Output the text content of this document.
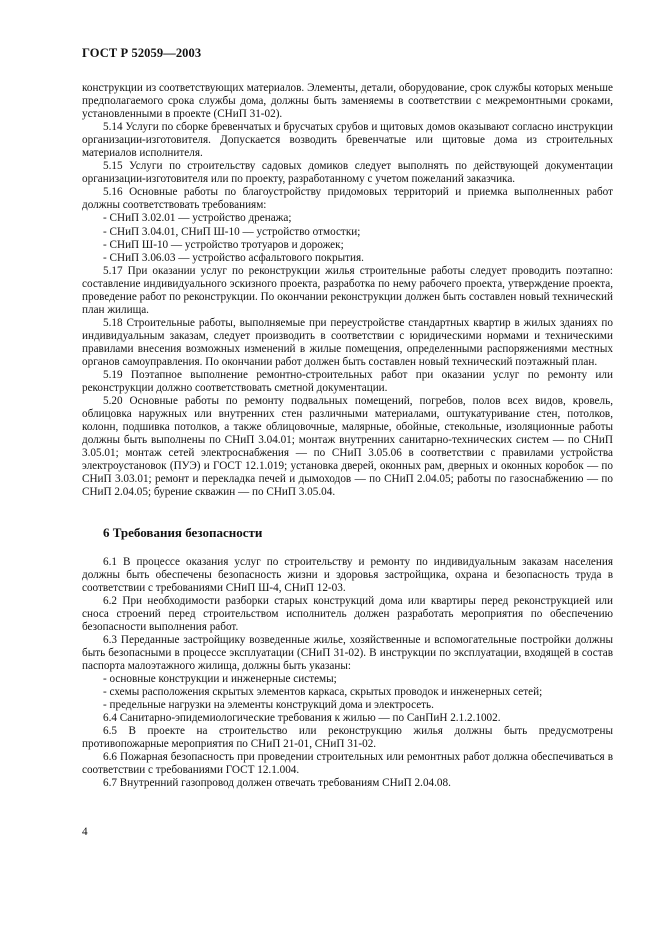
ГОСТ Р 52059—2003

конструкции из соответствующих материалов. Элементы, детали, оборудование, срок службы которых меньше предполагаемого срока службы дома, должны быть заменяемы в соответствии с межремонтными сроками, установленными в проекте (СНиП 31-02).

5.14 Услуги по сборке бревенчатых и брусчатых срубов и щитовых домов оказывают согласно инструкции организации-изготовителя. Допускается возводить бревенчатые или щитовые дома из строительных материалов исполнителя.

5.15 Услуги по строительству садовых домиков следует выполнять по действующей документации организации-изготовителя или по проекту, разработанному с учетом пожеланий заказчика.

5.16 Основные работы по благоустройству придомовых территорий и приемка выполненных работ должны соответствовать требованиям:

- СНиП 3.02.01 — устройство дренажа;

- СНиП 3.04.01, СНиП Ш-10 — устройство отмостки;

- СНиП Ш-10 — устройство тротуаров и дорожек;

- СНиП 3.06.03 — устройство асфальтового покрытия.

5.17 При оказании услуг по реконструкции жилья строительные работы следует проводить поэтапно: составление индивидуального эскизного проекта, разработка по нему рабочего проекта, утверждение проекта, проведение работ по реконструкции. По окончании реконструкции должен быть составлен новый технический план жилища.

5.18 Строительные работы, выполняемые при переустройстве стандартных квартир в жилых зданиях по индивидуальным заказам, следует производить в соответствии с юридическими нормами и техническими правилами внесения возможных изменений в жилые помещения, определенными распоряжениями местных органов самоуправления. По окончании работ должен быть составлен новый технический поэтажный план.

5.19 Поэтапное выполнение ремонтно-строительных работ при оказании услуг по ремонту или реконструкции должно соответствовать сметной документации.

5.20 Основные работы по ремонту подвальных помещений, погребов, полов всех видов, кровель, облицовка наружных или внутренних стен различными материалами, оштукатуривание стен, потолков, колонн, подшивка потолков, а также облицовочные, малярные, обойные, стекольные, изоляционные работы должны быть выполнены по СНиП 3.04.01; монтаж внутренних санитарно-технических систем — по СНиП 3.05.01; монтаж сетей электроснабжения — по СНиП 3.05.06 в соответствии с правилами устройства электроустановок (ПУЭ) и ГОСТ 12.1.019; установка дверей, оконных рам, дверных и оконных коробок — по СНиП 3.03.01; ремонт и перекладка печей и дымоходов — по СНиП 2.04.05; работы по газоснабжению — по СНиП 2.04.05; бурение скважин — по СНиП 3.05.04.

6 Требования безопасности

6.1 В процессе оказания услуг по строительству и ремонту по индивидуальным заказам населения должны быть обеспечены безопасность жизни и здоровья застройщика, охрана и безопасность труда в соответствии с требованиями СНиП Ш-4, СНиП 12-03.

6.2 При необходимости разборки старых конструкций дома или квартиры перед реконструкцией или сноса строений перед строительством исполнитель должен разработать мероприятия по обеспечению безопасности выполнения работ.

6.3 Переданные застройщику возведенные жилье, хозяйственные и вспомогательные постройки должны быть безопасными в процессе эксплуатации (СНиП 31-02). В инструкции по эксплуатации, входящей в состав паспорта малоэтажного жилища, должны быть указаны:

- основные конструкции и инженерные системы;

- схемы расположения скрытых элементов каркаса, скрытых проводок и инженерных сетей;

- предельные нагрузки на элементы конструкций дома и электросеть.

6.4 Санитарно-эпидемиологические требования к жилью — по СанПиН 2.1.2.1002.

6.5 В проекте на строительство или реконструкцию жилья должны быть предусмотрены противопожарные мероприятия по СНиП 21-01, СНиП 31-02.

6.6 Пожарная безопасность при проведении строительных или ремонтных работ должна обеспечиваться в соответствии с требованиями ГОСТ 12.1.004.

6.7 Внутренний газопровод должен отвечать требованиям СНиП 2.04.08.

4
